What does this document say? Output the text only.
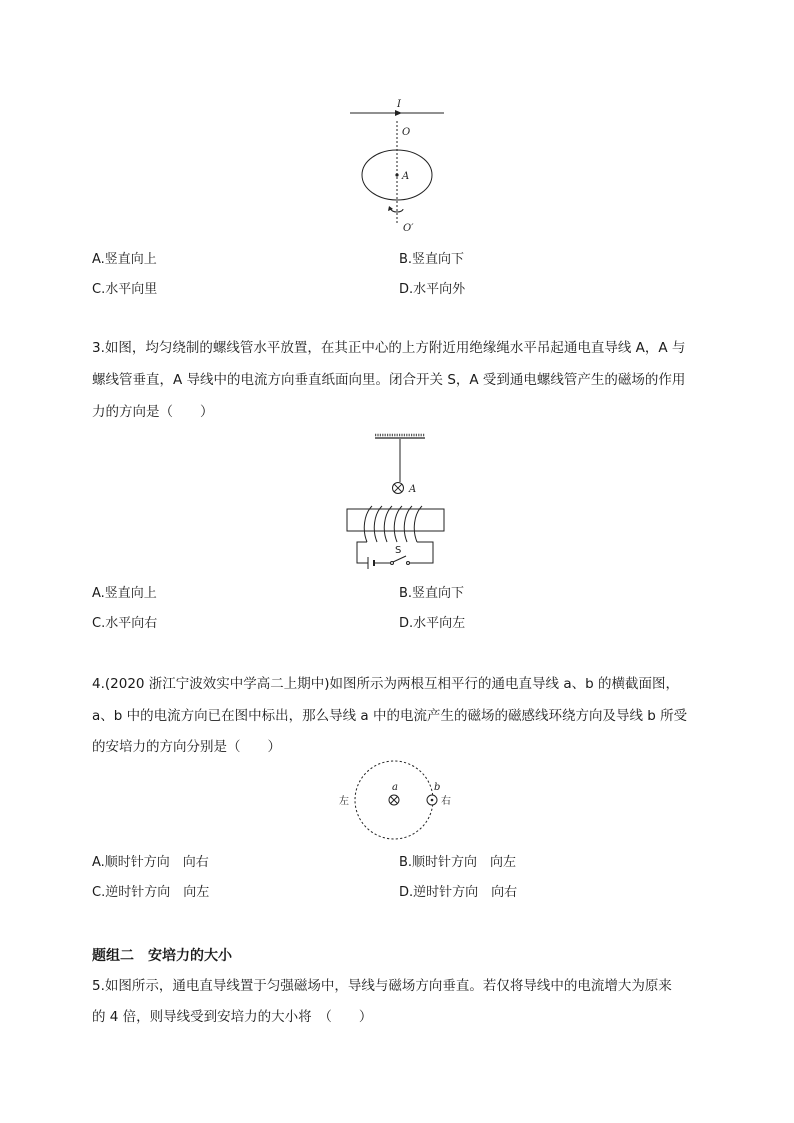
I
O
A
O′
A.竖直向上	B.竖直向下
C.水平向里	D.水平向外
3.如图，均匀绕制的螺线管水平放置，在其正中心的上方附近用绝缘绳水平吊起通电直导线 A，A 与
螺线管垂直，A 导线中的电流方向垂直纸面向里。闭合开关 S，A 受到通电螺线管产生的磁场的作用
力的方向是（　　）
A
S
A.竖直向上	B.竖直向下
C.水平向右	D.水平向左
4.(2020 浙江宁波效实中学高二上期中)如图所示为两根互相平行的通电直导线 a、b 的横截面图，
a、b 中的电流方向已在图中标出，那么导线 a 中的电流产生的磁场的磁感线环绕方向及导线 b 所受
的安培力的方向分别是（　　）
a	b
左	右
A.顺时针方向　向右	B.顺时针方向　向左
C.逆时针方向　向左	D.逆时针方向　向右
题组二　安培力的大小
5.如图所示，通电直导线置于匀强磁场中，导线与磁场方向垂直。若仅将导线中的电流增大为原来
的 4 倍，则导线受到安培力的大小将　（　　）
